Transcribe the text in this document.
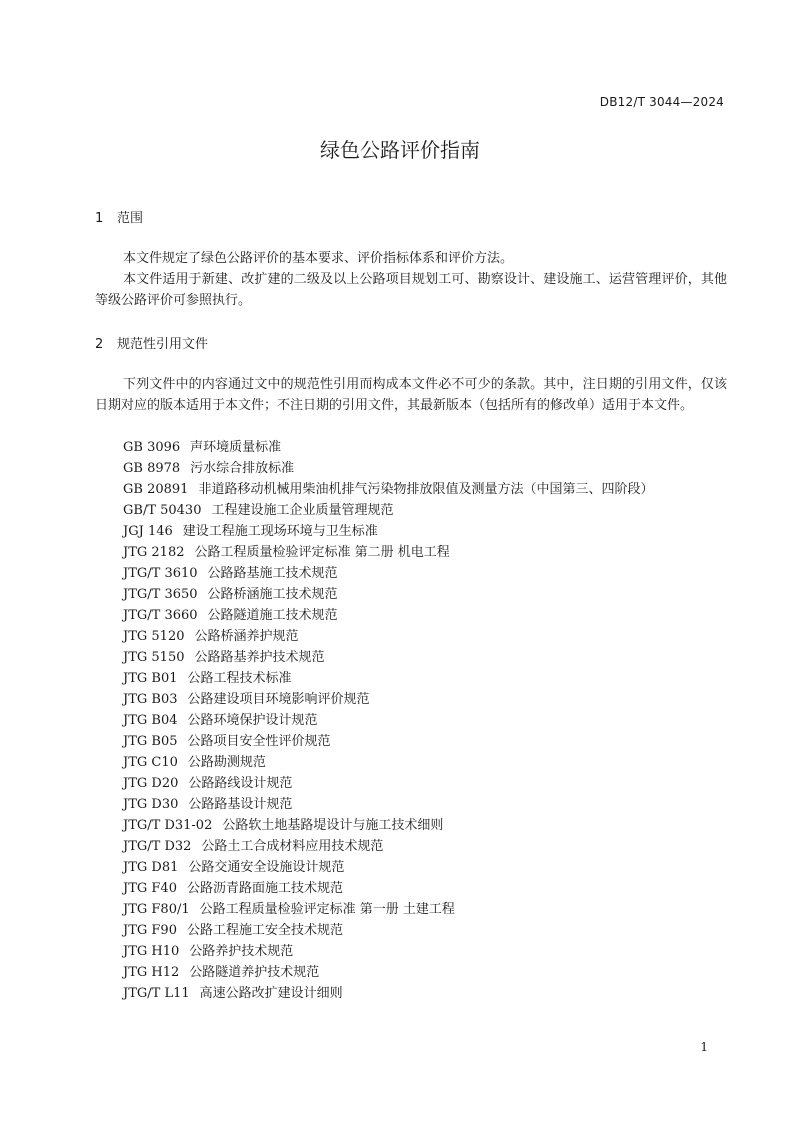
DB12/T 3044—2024
绿色公路评价指南
1 范围

本文件规定了绿色公路评价的基本要求、评价指标体系和评价方法。

本文件适用于新建、改扩建的二级及以上公路项目规划工可、勘察设计、建设施工、运营管理评价，其他等级公路评价可参照执行。

2 规范性引用文件

下列文件中的内容通过文中的规范性引用而构成本文件必不可少的条款。其中，注日期的引用文件，仅该日期对应的版本适用于本文件；不注日期的引用文件，其最新版本（包括所有的修改单）适用于本文件。

GB 3096 声环境质量标准
GB 8978 污水综合排放标准
GB 20891 非道路移动机械用柴油机排气污染物排放限值及测量方法（中国第三、四阶段）
GB/T 50430 工程建设施工企业质量管理规范
JGJ 146 建设工程施工现场环境与卫生标准
JTG 2182 公路工程质量检验评定标准 第二册 机电工程
JTG/T 3610 公路路基施工技术规范
JTG/T 3650 公路桥涵施工技术规范
JTG/T 3660 公路隧道施工技术规范
JTG 5120 公路桥涵养护规范
JTG 5150 公路路基养护技术规范
JTG B01 公路工程技术标准
JTG B03 公路建设项目环境影响评价规范
JTG B04 公路环境保护设计规范
JTG B05 公路项目安全性评价规范
JTG C10 公路勘测规范
JTG D20 公路路线设计规范
JTG D30 公路路基设计规范
JTG/T D31-02 公路软土地基路堤设计与施工技术细则
JTG/T D32 公路土工合成材料应用技术规范
JTG D81 公路交通安全设施设计规范
JTG F40 公路沥青路面施工技术规范
JTG F80/1 公路工程质量检验评定标准 第一册 土建工程
JTG F90 公路工程施工安全技术规范
JTG H10 公路养护技术规范
JTG H12 公路隧道养护技术规范
JTG/T L11 高速公路改扩建设计细则
1
